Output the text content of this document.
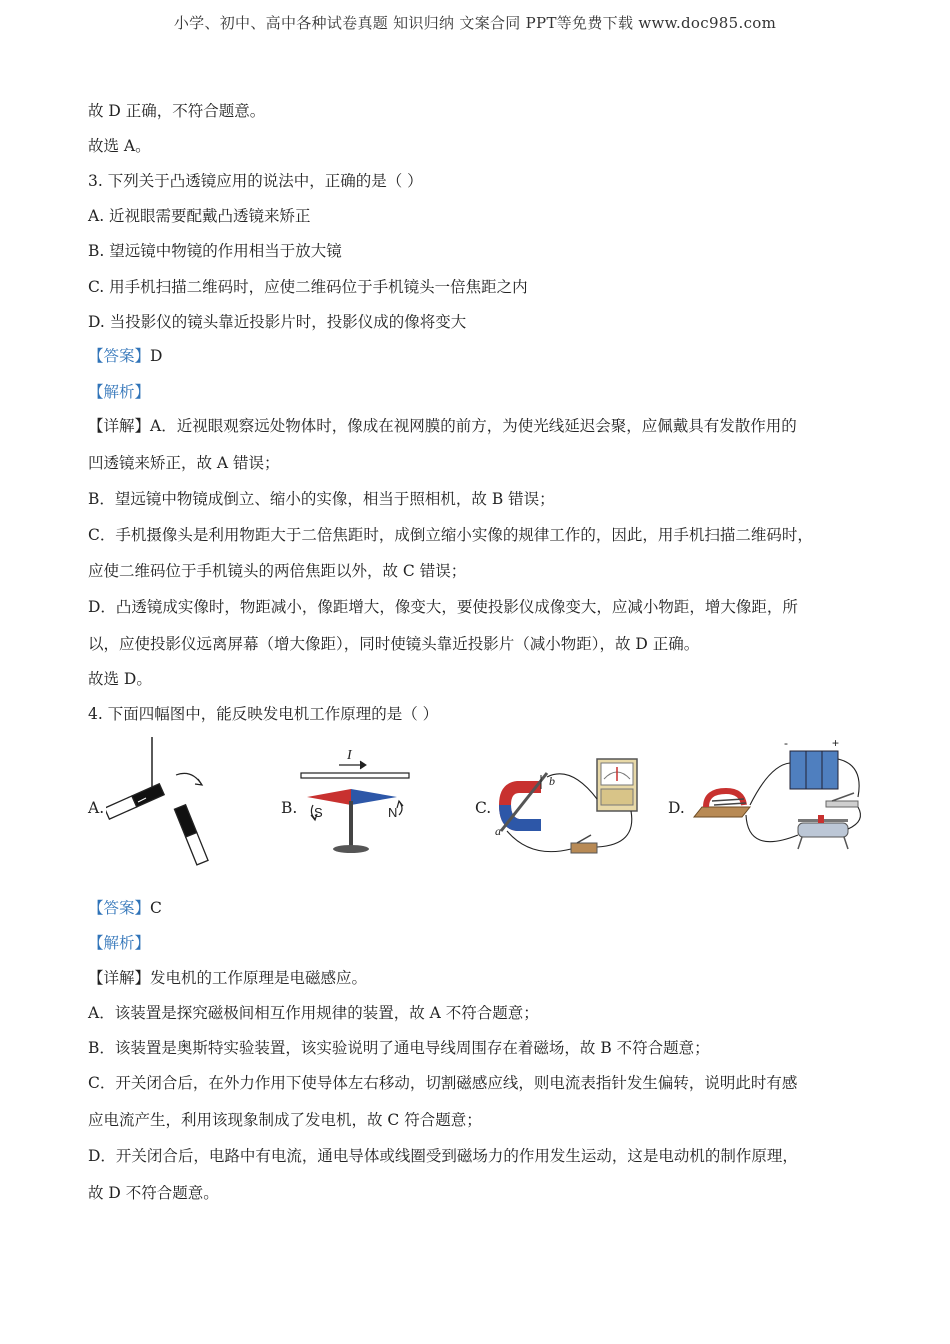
小学、初中、高中各种试卷真题 知识归纳 文案合同 PPT等免费下载 www.doc985.com
故 D 正确，不符合题意。
故选 A。
3. 下列关于凸透镜应用的说法中，正确的是（ ）
A. 近视眼需要配戴凸透镜来矫正
B. 望远镜中物镜的作用相当于放大镜
C. 用手机扫描二维码时，应使二维码位于手机镜头一倍焦距之内
D. 当投影仪的镜头靠近投影片时，投影仪成的像将变大
【答案】D
【解析】
【详解】A．近视眼观察远处物体时，像成在视网膜的前方，为使光线延迟会聚，应佩戴具有发散作用的
凹透镜来矫正，故 A 错误；
B．望远镜中物镜成倒立、缩小的实像，相当于照相机，故 B 错误；
C．手机摄像头是利用物距大于二倍焦距时，成倒立缩小实像的规律工作的，因此，用手机扫描二维码时，
应使二维码位于手机镜头的两倍焦距以外，故 C 错误；
D．凸透镜成实像时，物距减小，像距增大，像变大，要使投影仪成像变大，应减小物距，增大像距，所
以，应使投影仪远离屏幕（增大像距），同时使镜头靠近投影片（减小物距），故 D 正确。
故选 D。
4. 下面四幅图中，能反映发电机工作原理的是（ ）
A.	B.
I
S	N	C.
b
a
D.
-	+
【答案】C
【解析】
【详解】发电机的工作原理是电磁感应。
A．该装置是探究磁极间相互作用规律的装置，故 A 不符合题意；
B．该装置是奥斯特实验装置，该实验说明了通电导线周围存在着磁场，故 B 不符合题意；
C．开关闭合后，在外力作用下使导体左右移动，切割磁感应线，则电流表指针发生偏转，说明此时有感
应电流产生，利用该现象制成了发电机，故 C 符合题意；
D．开关闭合后，电路中有电流，通电导体或线圈受到磁场力的作用发生运动，这是电动机的制作原理，
故 D 不符合题意。
